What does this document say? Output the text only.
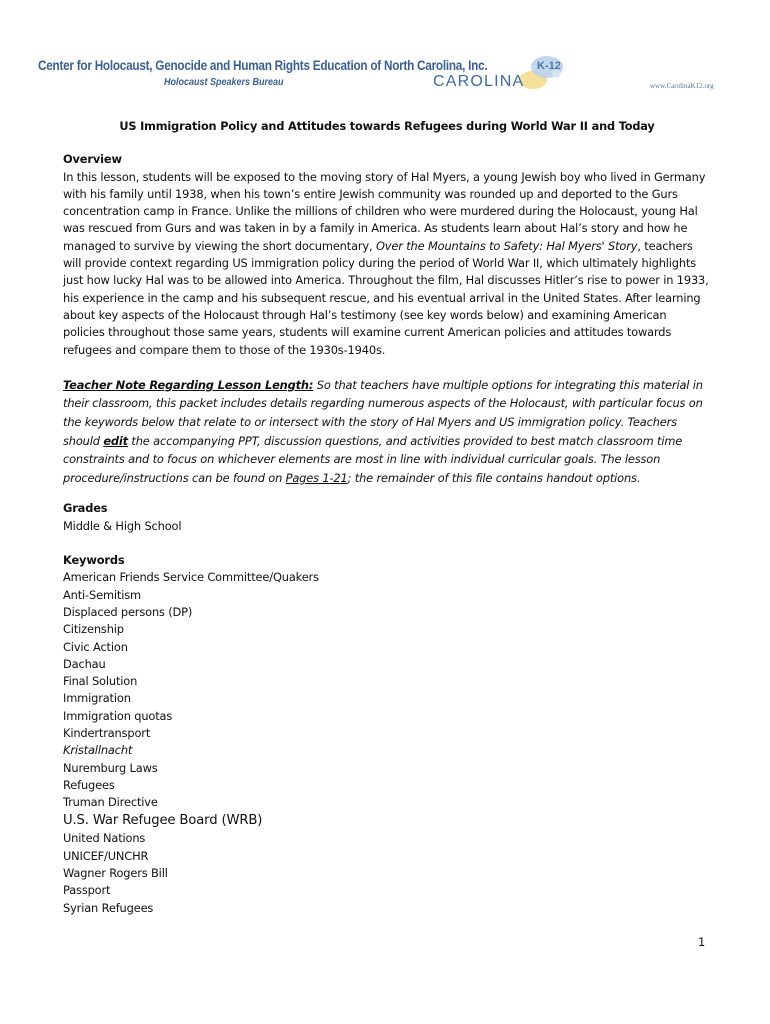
Center for Holocaust, Genocide and Human Rights Education of North Carolina, Inc.
Holocaust Speakers Bureau	CAROLINA
K-12
www.CarolinaK12.org
US Immigration Policy and Attitudes towards Refugees during World War II and Today
Overview

In this lesson, students will be exposed to the moving story of Hal Myers, a young Jewish boy who lived in Germany with his family until 1938, when his town’s entire Jewish community was rounded up and deported to the Gurs concentration camp in France. Unlike the millions of children who were murdered during the Holocaust, young Hal was rescued from Gurs and was taken in by a family in America. As students learn about Hal’s story and how he managed to survive by viewing the short documentary, Over the Mountains to Safety: Hal Myers' Story, teachers will provide context regarding US immigration policy during the period of World War II, which ultimately highlights just how lucky Hal was to be allowed into America. Throughout the film, Hal discusses Hitler’s rise to power in 1933, his experience in the camp and his subsequent rescue, and his eventual arrival in the United States. After learning about key aspects of the Holocaust through Hal’s testimony (see key words below) and examining American policies throughout those same years, students will examine current American policies and attitudes towards refugees and compare them to those of the 1930s-1940s.

Teacher Note Regarding Lesson Length: So that teachers have multiple options for integrating this material in their classroom, this packet includes details regarding numerous aspects of the Holocaust, with particular focus on the keywords below that relate to or intersect with the story of Hal Myers and US immigration policy. Teachers should edit the accompanying PPT, discussion questions, and activities provided to best match classroom time constraints and to focus on whichever elements are most in line with individual curricular goals. The lesson procedure/instructions can be found on Pages 1-21; the remainder of this file contains handout options.

Grades
Middle & High School
Keywords
American Friends Service Committee/Quakers
Anti-Semitism
Displaced persons (DP)
Citizenship
Civic Action
Dachau
Final Solution
Immigration
Immigration quotas
Kindertransport
Kristallnacht
Nuremburg Laws
Refugees
Truman Directive
U.S. War Refugee Board (WRB)
United Nations
UNICEF/UNCHR
Wagner Rogers Bill
Passport
Syrian Refugees
1
